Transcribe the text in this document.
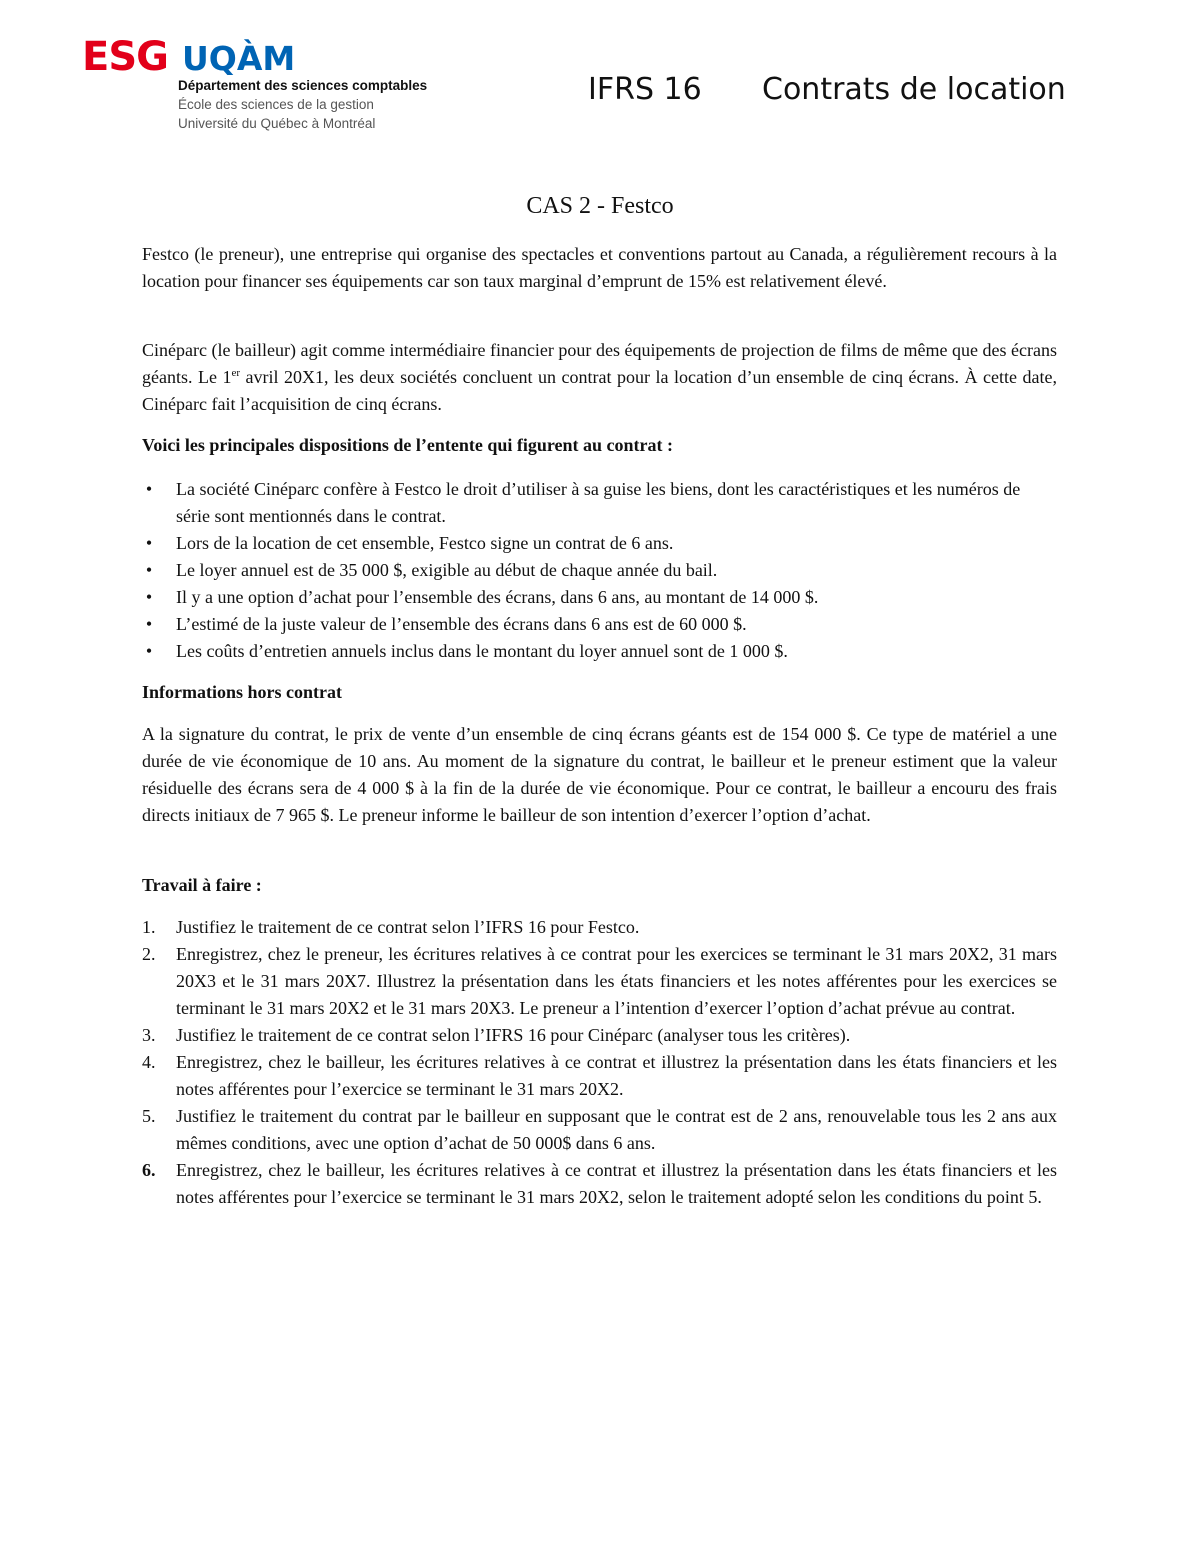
ESG UQÀM
Département des sciences comptables
École des sciences de la gestion
Université du Québec à Montréal
IFRS 16 Contrats de location
CAS 2 - Festco

Festco (le preneur), une entreprise qui organise des spectacles et conventions partout au Canada, a régulièrement recours à la location pour financer ses équipements car son taux marginal d’emprunt de 15% est relativement élevé.

Cinéparc (le bailleur) agit comme intermédiaire financier pour des équipements de projection de films de même que des écrans géants. Le 1er avril 20X1, les deux sociétés concluent un contrat pour la location d’un ensemble de cinq écrans. À cette date, Cinéparc fait l’acquisition de cinq écrans.

Voici les principales dispositions de l’entente qui figurent au contrat :

• La société Cinéparc confère à Festco le droit d’utiliser à sa guise les biens, dont les caractéristiques et les numéros de série sont mentionnés dans le contrat.
• Lors de la location de cet ensemble, Festco signe un contrat de 6 ans.
• Le loyer annuel est de 35 000 $, exigible au début de chaque année du bail.
• Il y a une option d’achat pour l’ensemble des écrans, dans 6 ans, au montant de 14 000 $.
• L’estimé de la juste valeur de l’ensemble des écrans dans 6 ans est de 60 000 $.
• Les coûts d’entretien annuels inclus dans le montant du loyer annuel sont de 1 000 $.

Informations hors contrat

A la signature du contrat, le prix de vente d’un ensemble de cinq écrans géants est de 154 000 $. Ce type de matériel a une durée de vie économique de 10 ans. Au moment de la signature du contrat, le bailleur et le preneur estiment que la valeur résiduelle des écrans sera de 4 000 $ à la fin de la durée de vie économique. Pour ce contrat, le bailleur a encouru des frais directs initiaux de 7 965 $. Le preneur informe le bailleur de son intention d’exercer l’option d’achat.

Travail à faire :

1. Justifiez le traitement de ce contrat selon l’IFRS 16 pour Festco.
2. Enregistrez, chez le preneur, les écritures relatives à ce contrat pour les exercices se terminant le 31 mars 20X2, 31 mars 20X3 et le 31 mars 20X7. Illustrez la présentation dans les états financiers et les notes afférentes pour les exercices se terminant le 31 mars 20X2 et le 31 mars 20X3. Le preneur a l’intention d’exercer l’option d’achat prévue au contrat.
3. Justifiez le traitement de ce contrat selon l’IFRS 16 pour Cinéparc (analyser tous les critères).
4. Enregistrez, chez le bailleur, les écritures relatives à ce contrat et illustrez la présentation dans les états financiers et les notes afférentes pour l’exercice se terminant le 31 mars 20X2.
5. Justifiez le traitement du contrat par le bailleur en supposant que le contrat est de 2 ans, renouvelable tous les 2 ans aux mêmes conditions, avec une option d’achat de 50 000$ dans 6 ans.
6. Enregistrez, chez le bailleur, les écritures relatives à ce contrat et illustrez la présentation dans les états financiers et les notes afférentes pour l’exercice se terminant le 31 mars 20X2, selon le traitement adopté selon les conditions du point 5.
